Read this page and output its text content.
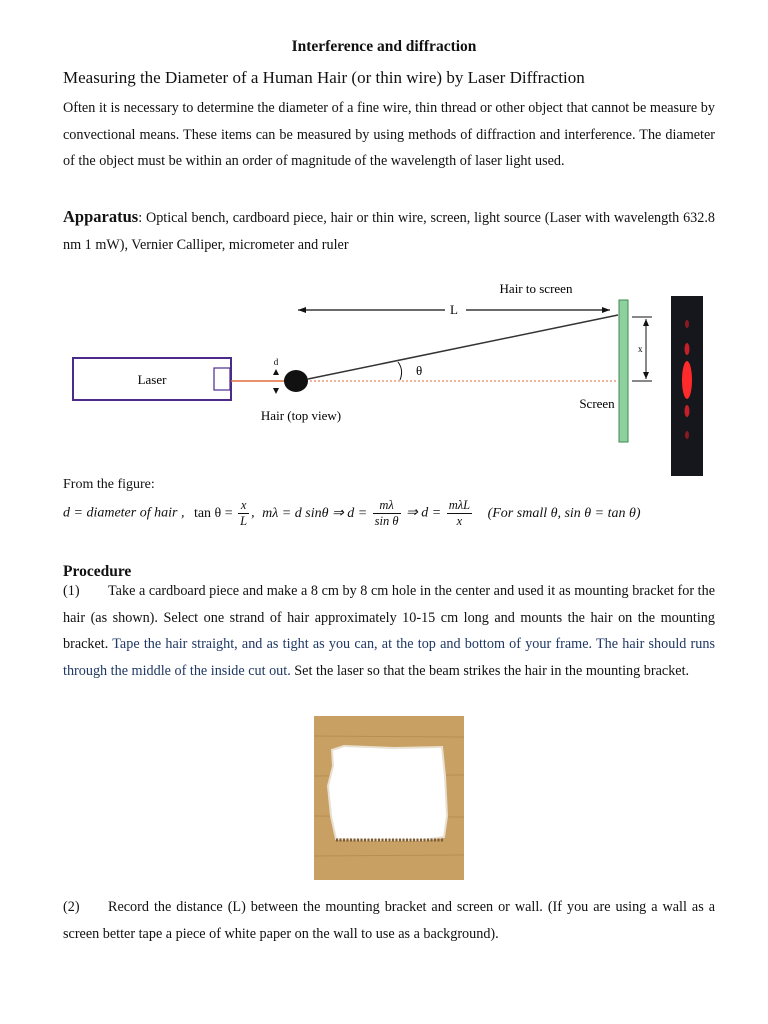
Interference and diffraction
Measuring the Diameter of a Human Hair (or thin wire) by Laser Diffraction
Often it is necessary to determine the diameter of a fine wire, thin thread or other object that cannot be measure by convectional means. These items can be measured by using methods of diffraction and interference. The diameter of the object must be within an order of magnitude of the wavelength of laser light used.
Apparatus: Optical bench, cardboard piece, hair or thin wire, screen, light source (Laser with wavelength 632.8 nm 1 mW), Vernier Calliper, micrometer and ruler
Laser
d
Hair (top view)
θ
L
Hair to screen
Screen
x
From the figure:
d = diameter of hair , $\tan \theta = \frac{x}{L}$ , mλ = d sinθ ⇒ $d = \frac{m\lambda}{\text{sin θ}}$ ⇒ $d = \frac{\text{mλL}}{x} (For$ small θ, sin θ = tan θ)
Procedure
(1) Take a cardboard piece and make a 8 cm by 8 cm hole in the center and used it as mounting bracket for the hair (as shown). Select one strand of hair approximately 10-15 cm long and mounts the hair on the mounting bracket. Tape the hair straight, and as tight as you can, at the top and bottom of your frame. The hair should runs through the middle of the inside cut out. Set the laser so that the beam strikes the hair in the mounting bracket.
(2) Record the distance (L) between the mounting bracket and screen or wall. (If you are using a wall as a screen better tape a piece of white paper on the wall to use as a background).
